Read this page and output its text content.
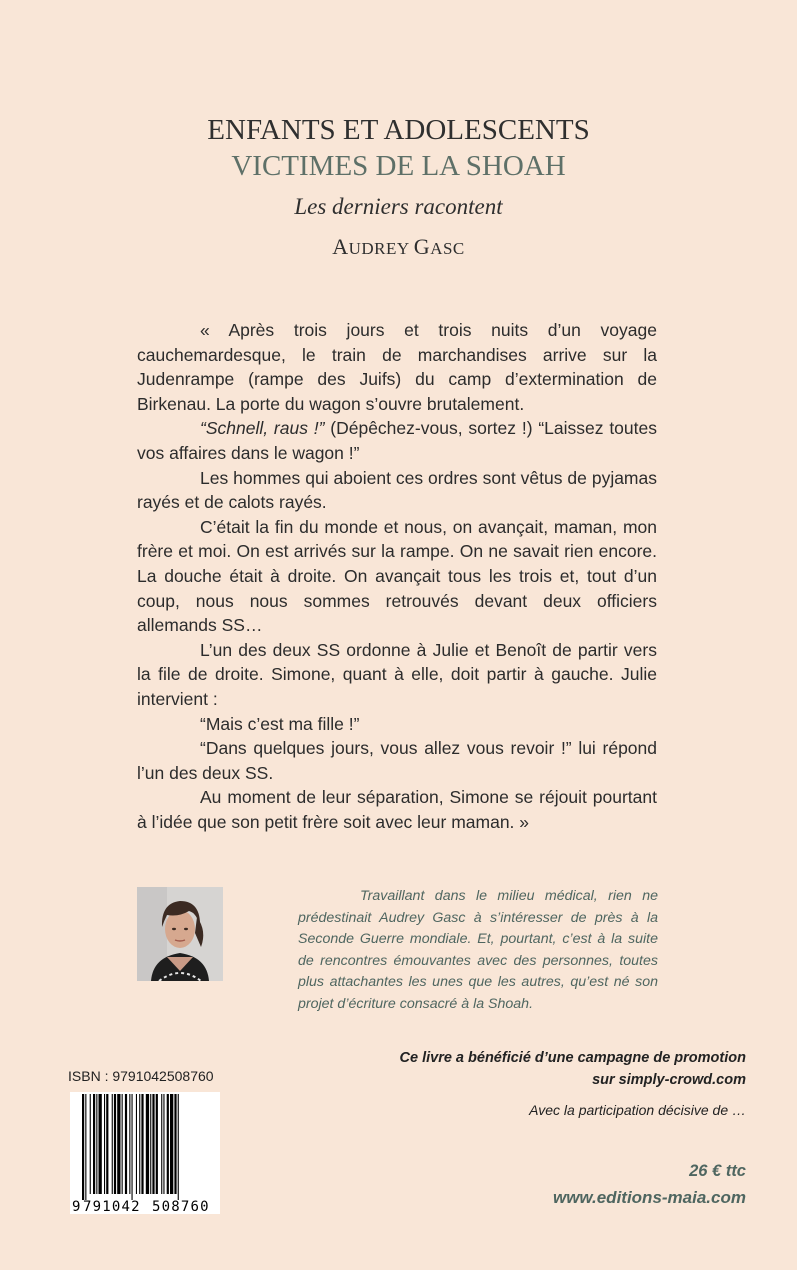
ENFANTS ET ADOLESCENTS
VICTIMES DE LA SHOAH
Les derniers racontent
AUDREY GASC

« Après trois jours et trois nuits d’un voyage cauchemardesque, le train de marchandises arrive sur la Judenrampe (rampe des Juifs) du camp d’extermination de Birkenau. La porte du wagon s’ouvre brutalement.

“Schnell, raus !” (Dépêchez-vous, sortez !) “Laissez toutes vos affaires dans le wagon !”

Les hommes qui aboient ces ordres sont vêtus de pyjamas rayés et de calots rayés.

C’était la fin du monde et nous, on avançait, maman, mon frère et moi. On est arrivés sur la rampe. On ne savait rien encore. La douche était à droite. On avançait tous les trois et, tout d’un coup, nous nous sommes retrouvés devant deux officiers allemands SS…

L’un des deux SS ordonne à Julie et Benoît de partir vers la file de droite. Simone, quant à elle, doit partir à gauche. Julie intervient :

“Mais c’est ma fille !”

“Dans quelques jours, vous allez vous revoir !” lui répond l’un des deux SS.

Au moment de leur séparation, Simone se réjouit pourtant à l’idée que son petit frère soit avec leur maman. »

Travaillant dans le milieu médical, rien ne prédestinait Audrey Gasc à s’intéresser de près à la Seconde Guerre mondiale. Et, pourtant, c’est à la suite de rencontres émouvantes avec des personnes, toutes plus attachantes les unes que les autres, qu’est né son projet d’écriture consacré à la Shoah.

ISBN : 9791042508760
9 791042 508760
Ce livre a bénéficié d’une campagne de promotion
sur simply-crowd.com
Avec la participation décisive de …
26 € ttc
www.editions-maia.com
